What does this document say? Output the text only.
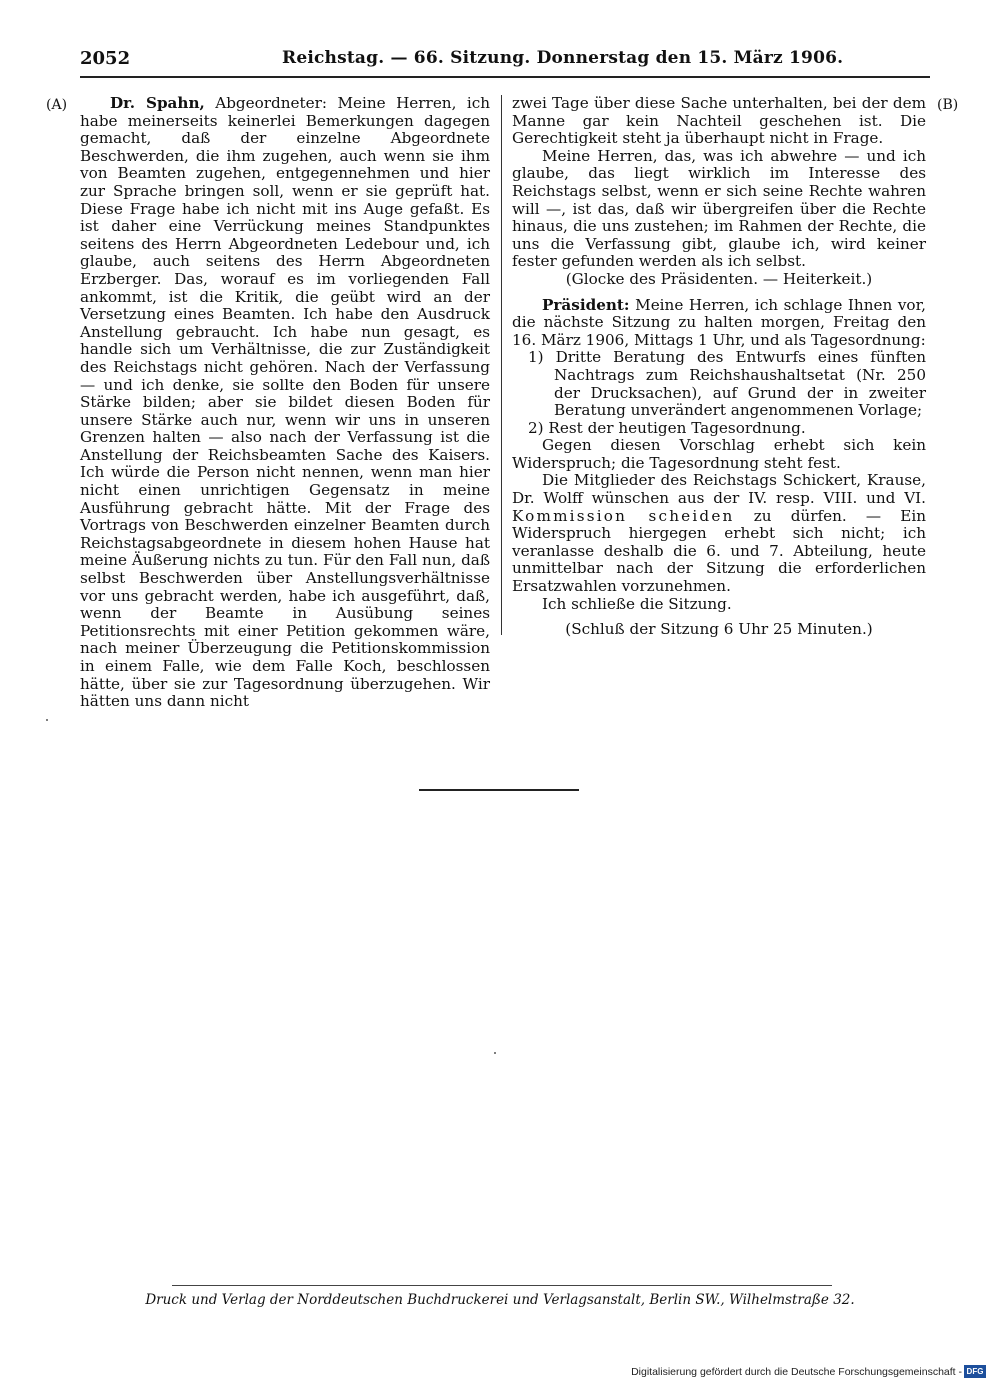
2052	Reichstag. — 66. Sitzung. Donnerstag den 15. März 1906.
(A)	(B)

Dr. Spahn, Abgeordneter: Meine Herren, ich habe meinerseits keinerlei Bemerkungen dagegen gemacht, daß der einzelne Abgeordnete Beschwerden, die ihm zugehen, auch wenn sie ihm von Beamten zugehen, entgegennehmen und hier zur Sprache bringen soll, wenn er sie geprüft hat. Diese Frage habe ich nicht mit ins Auge gefaßt. Es ist daher eine Verrückung meines Standpunktes seitens des Herrn Abgeordneten Ledebour und, ich glaube, auch seitens des Herrn Abgeordneten Erzberger. Das, worauf es im vorliegenden Fall ankommt, ist die Kritik, die geübt wird an der Versetzung eines Beamten. Ich habe den Ausdruck Anstellung gebraucht. Ich habe nun gesagt, es handle sich um Verhältnisse, die zur Zuständigkeit des Reichstags nicht gehören. Nach der Verfassung — und ich denke, sie sollte den Boden für unsere Stärke bilden; aber sie bildet diesen Boden für unsere Stärke auch nur, wenn wir uns in unseren Grenzen halten — also nach der Verfassung ist die Anstellung der Reichsbeamten Sache des Kaisers. Ich würde die Person nicht nennen, wenn man hier nicht einen unrichtigen Gegensatz in meine Ausführung gebracht hätte. Mit der Frage des Vortrags von Beschwerden einzelner Beamten durch Reichstagsabgeordnete in diesem hohen Hause hat meine Äußerung nichts zu tun. Für den Fall nun, daß selbst Beschwerden über Anstellungsverhältnisse vor uns gebracht werden, habe ich ausgeführt, daß, wenn der Beamte in Ausübung seines Petitionsrechts mit einer Petition gekommen wäre, nach meiner Überzeugung die Petitionskommission in einem Falle, wie dem Falle Koch, beschlossen hätte, über sie zur Tagesordnung überzugehen. Wir hätten uns dann nicht

zwei Tage über diese Sache unterhalten, bei der dem Manne gar kein Nachteil geschehen ist. Die Gerechtigkeit steht ja überhaupt nicht in Frage.

Meine Herren, das, was ich abwehre — und ich glaube, das liegt wirklich im Interesse des Reichstags selbst, wenn er sich seine Rechte wahren will —, ist das, daß wir übergreifen über die Rechte hinaus, die uns zustehen; im Rahmen der Rechte, die uns die Verfassung gibt, glaube ich, wird keiner fester gefunden werden als ich selbst.

(Glocke des Präsidenten. — Heiterkeit.)

Präsident: Meine Herren, ich schlage Ihnen vor, die nächste Sitzung zu halten morgen, Freitag den 16. März 1906, Mittags 1 Uhr, und als Tagesordnung:

1) Dritte Beratung des Entwurfs eines fünften Nachtrags zum Reichshaushaltsetat (Nr. 250 der Drucksachen), auf Grund der in zweiter Beratung unverändert angenommenen Vorlage;

2) Rest der heutigen Tagesordnung.

Gegen diesen Vorschlag erhebt sich kein Widerspruch; die Tagesordnung steht fest.

Die Mitglieder des Reichstags Schickert, Krause, Dr. Wolff wünschen aus der IV. resp. VIII. und VI. Kommission scheiden zu dürfen. — Ein Widerspruch hiergegen erhebt sich nicht; ich veranlasse deshalb die 6. und 7. Abteilung, heute unmittelbar nach der Sitzung die erforderlichen Ersatzwahlen vorzunehmen.

Ich schließe die Sitzung.

(Schluß der Sitzung 6 Uhr 25 Minuten.)

Druck und Verlag der Norddeutschen Buchdruckerei und Verlagsanstalt, Berlin SW., Wilhelmstraße 32.
Digitalisierung gefördert durch die Deutsche Forschungsgemeinschaft - DFG
